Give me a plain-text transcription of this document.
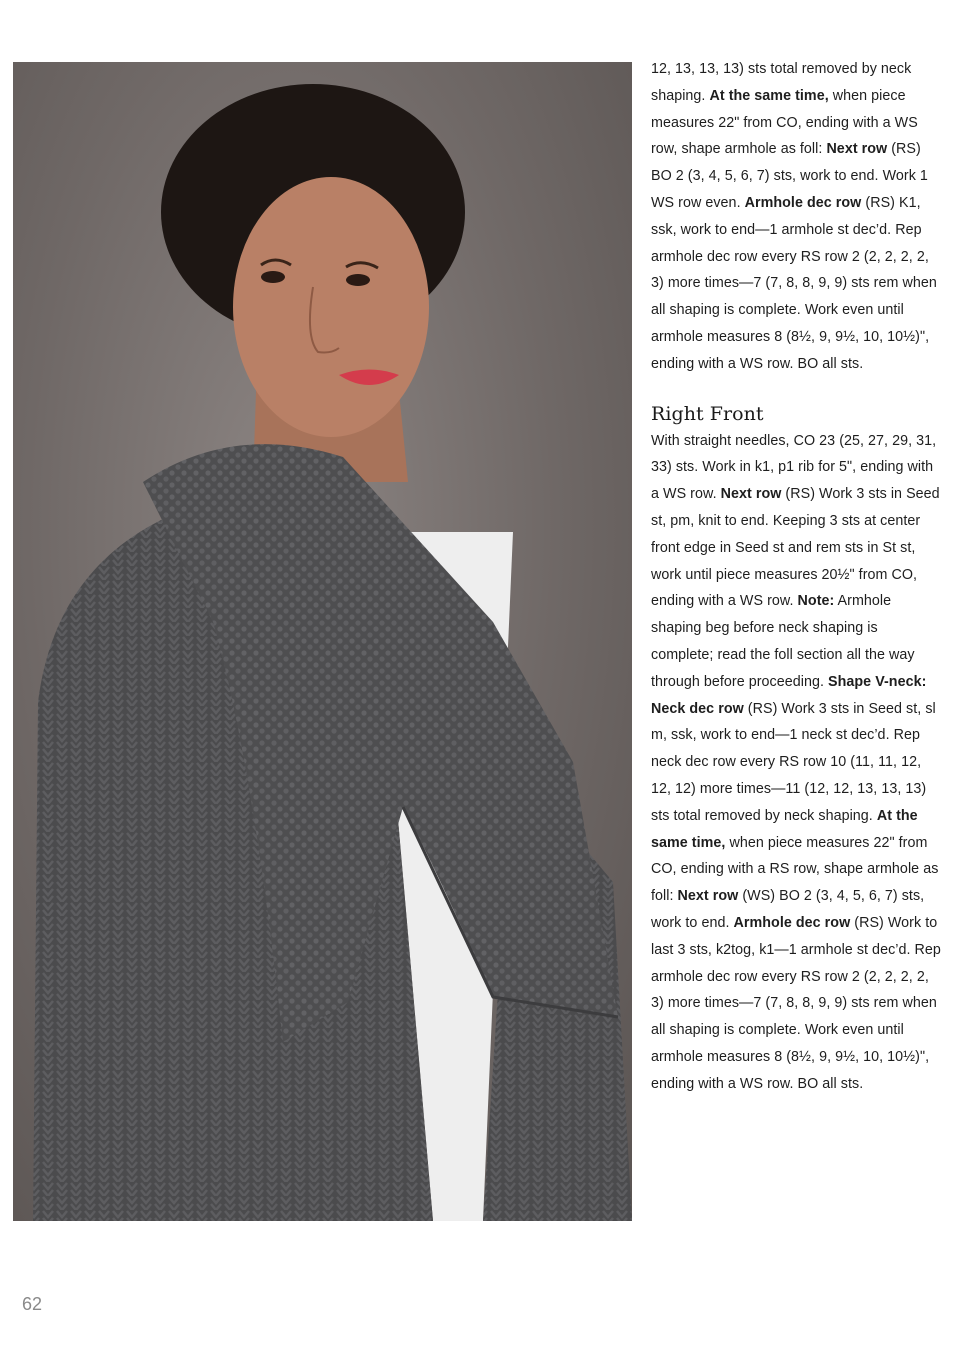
12, 13, 13, 13) sts total removed by neck shaping. At the same time, when piece measures 22ʺ from CO, ending with a WS row, shape armhole as foll: Next row (RS) BO 2 (3, 4, 5, 6, 7) sts, work to end. Work 1 WS row even. Armhole dec row (RS) K1, ssk, work to end—1 armhole st dec’d. Rep armhole dec row every RS row 2 (2, 2, 2, 2, 3) more times—7 (7, 8, 8, 9, 9) sts rem when all shaping is complete. Work even until armhole measures 8 (8½, 9, 9½, 10, 10½)ʺ, ending with a WS row. BO all sts.

Right Front

With straight needles, CO 23 (25, 27, 29, 31, 33) sts. Work in k1, p1 rib for 5ʺ, ending with a WS row. Next row (RS) Work 3 sts in Seed st, pm, knit to end. Keeping 3 sts at center front edge in Seed st and rem sts in St st, work until piece measures 20½ʺ from CO, ending with a WS row. Note: Armhole shaping beg before neck shaping is complete; read the foll section all the way through before proceeding. Shape V-neck: Neck dec row (RS) Work 3 sts in Seed st, sl m, ssk, work to end—1 neck st dec’d. Rep neck dec row every RS row 10 (11, 11, 12, 12, 12) more times—11 (12, 12, 13, 13, 13) sts total removed by neck shaping. At the same time, when piece measures 22ʺ from CO, ending with a RS row, shape armhole as foll: Next row (WS) BO 2 (3, 4, 5, 6, 7) sts, work to end. Armhole dec row (RS) Work to last 3 sts, k2tog, k1—1 armhole st dec’d. Rep armhole dec row every RS row 2 (2, 2, 2, 2, 3) more times—7 (7, 8, 8, 9, 9) sts rem when all shaping is complete. Work even until armhole measures 8 (8½, 9, 9½, 10, 10½)ʺ, ending with a WS row. BO all sts.

62
